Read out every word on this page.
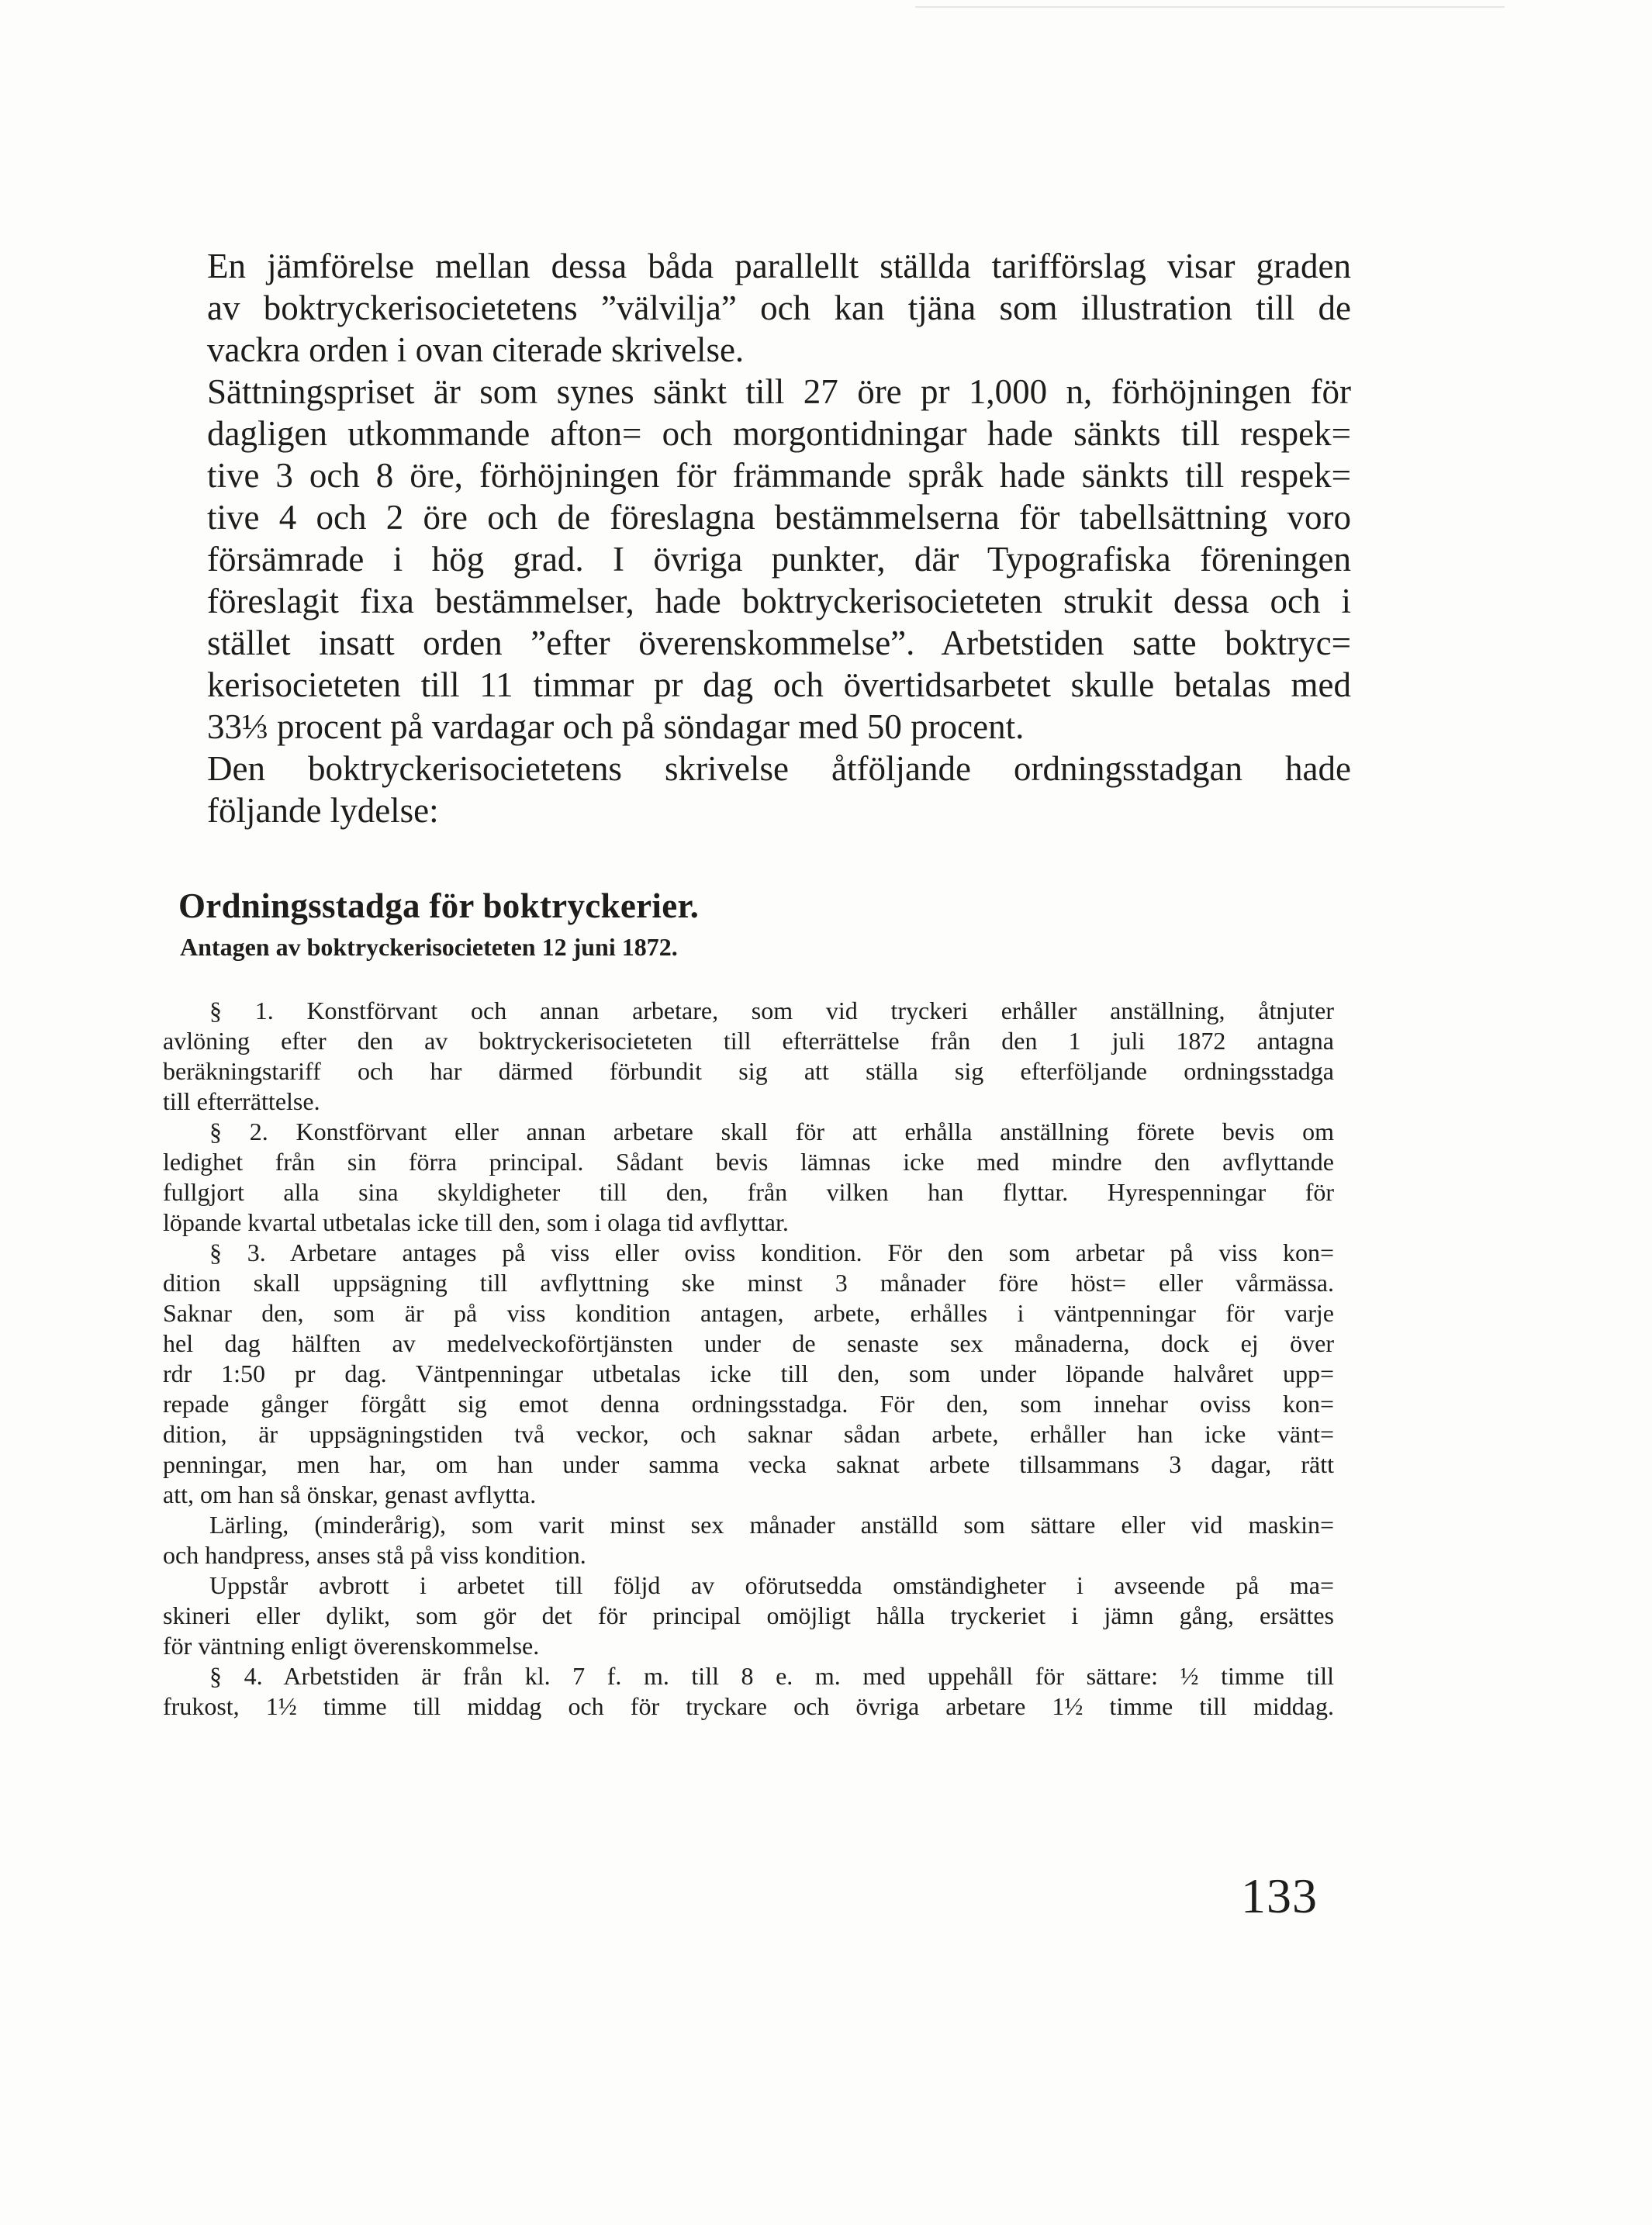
En jämförelse mellan dessa båda parallellt ställda tarifförslag visar graden
av boktryckerisocietetens ”välvilja” och kan tjäna som illustration till de
vackra orden i ovan citerade skrivelse.

Sättningspriset är som synes sänkt till 27 öre pr 1,000 n, förhöjningen för
dagligen utkommande afton= och morgontidningar hade sänkts till respek=
tive 3 och 8 öre, förhöjningen för främmande språk hade sänkts till respek=
tive 4 och 2 öre och de föreslagna bestämmelserna för tabellsättning voro
försämrade i hög grad. I övriga punkter, där Typografiska föreningen
föreslagit fixa bestämmelser, hade boktryckerisocieteten strukit dessa och i
stället insatt orden ”efter överenskommelse”. Arbetstiden satte boktryc=
kerisocieteten till 11 timmar pr dag och övertidsarbetet skulle betalas med
33⅓ procent på vardagar och på söndagar med 50 procent.

Den boktryckerisocietetens skrivelse åtföljande ordningsstadgan hade
följande lydelse:

Ordningsstadga för boktryckerier.
Antagen av boktryckerisocieteten 12 juni 1872.

§ 1. Konstförvant och annan arbetare, som vid tryckeri erhåller anställning, åtnjuter
avlöning efter den av boktryckerisocieteten till efterrättelse från den 1 juli 1872 antagna
beräkningstariff och har därmed förbundit sig att ställa sig efterföljande ordningsstadga
till efterrättelse.

§ 2. Konstförvant eller annan arbetare skall för att erhålla anställning förete bevis om
ledighet från sin förra principal. Sådant bevis lämnas icke med mindre den avflyttande
fullgjort alla sina skyldigheter till den, från vilken han flyttar. Hyrespenningar för
löpande kvartal utbetalas icke till den, som i olaga tid avflyttar.

§ 3. Arbetare antages på viss eller oviss kondition. För den som arbetar på viss kon=
dition skall uppsägning till avflyttning ske minst 3 månader före höst= eller vårmässa.
Saknar den, som är på viss kondition antagen, arbete, erhålles i väntpenningar för varje
hel dag hälften av medelveckoförtjänsten under de senaste sex månaderna, dock ej över
rdr 1:50 pr dag. Väntpenningar utbetalas icke till den, som under löpande halvåret upp=
repade gånger förgått sig emot denna ordningsstadga. För den, som innehar oviss kon=
dition, är uppsägningstiden två veckor, och saknar sådan arbete, erhåller han icke vänt=
penningar, men har, om han under samma vecka saknat arbete tillsammans 3 dagar, rätt
att, om han så önskar, genast avflytta.

Lärling, (minderårig), som varit minst sex månader anställd som sättare eller vid maskin=
och handpress, anses stå på viss kondition.

Uppstår avbrott i arbetet till följd av oförutsedda omständigheter i avseende på ma=
skineri eller dylikt, som gör det för principal omöjligt hålla tryckeriet i jämn gång, ersättes
för väntning enligt överenskommelse.

§ 4. Arbetstiden är från kl. 7 f. m. till 8 e. m. med uppehåll för sättare: ½ timme till
frukost, 1½ timme till middag och för tryckare och övriga arbetare 1½ timme till middag.

133
